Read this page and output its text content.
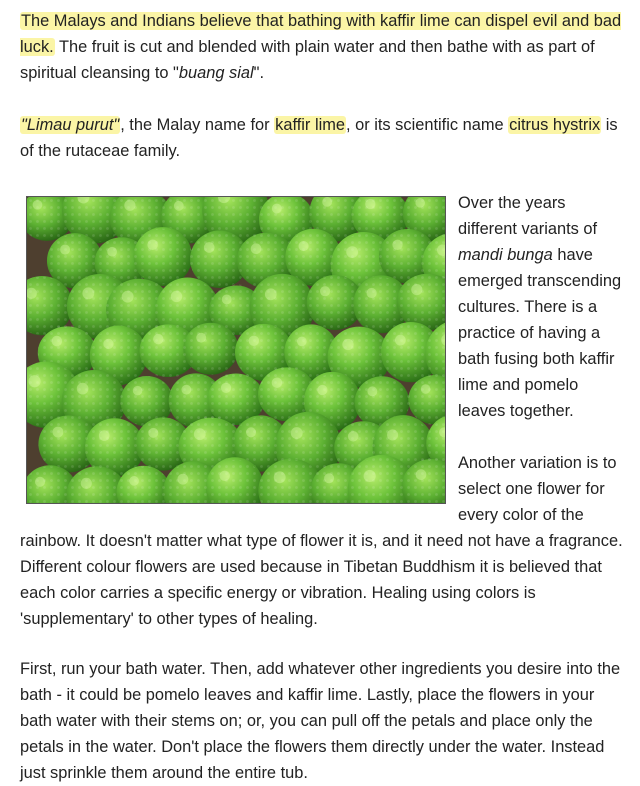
The Malays and Indians believe that bathing with kaffir lime can dispel evil and bad luck. The fruit is cut and blended with plain water and then bathe with as part of spiritual cleansing to "buang sial".

"Limau purut", the Malay name for kaffir lime, or its scientific name citrus hystrix is of the rutaceae family.

Over the years different variants of mandi bunga have emerged transcending cultures. There is a practice of having a bath fusing both kaffir lime and pomelo leaves together.

Another variation is to select one flower for every color of the rainbow. It doesn't matter what type of flower it is, and it need not have a fragrance. Different colour flowers are used because in Tibetan Buddhism it is believed that each color carries a specific energy or vibration. Healing using colors is 'supplementary' to other types of healing.

First, run your bath water. Then, add whatever other ingredients you desire into the bath - it could be pomelo leaves and kaffir lime. Lastly, place the flowers in your bath water with their stems on; or, you can pull off the petals and place only the petals in the water. Don't place the flowers them directly under the water. Instead just sprinkle them around the entire tub.
